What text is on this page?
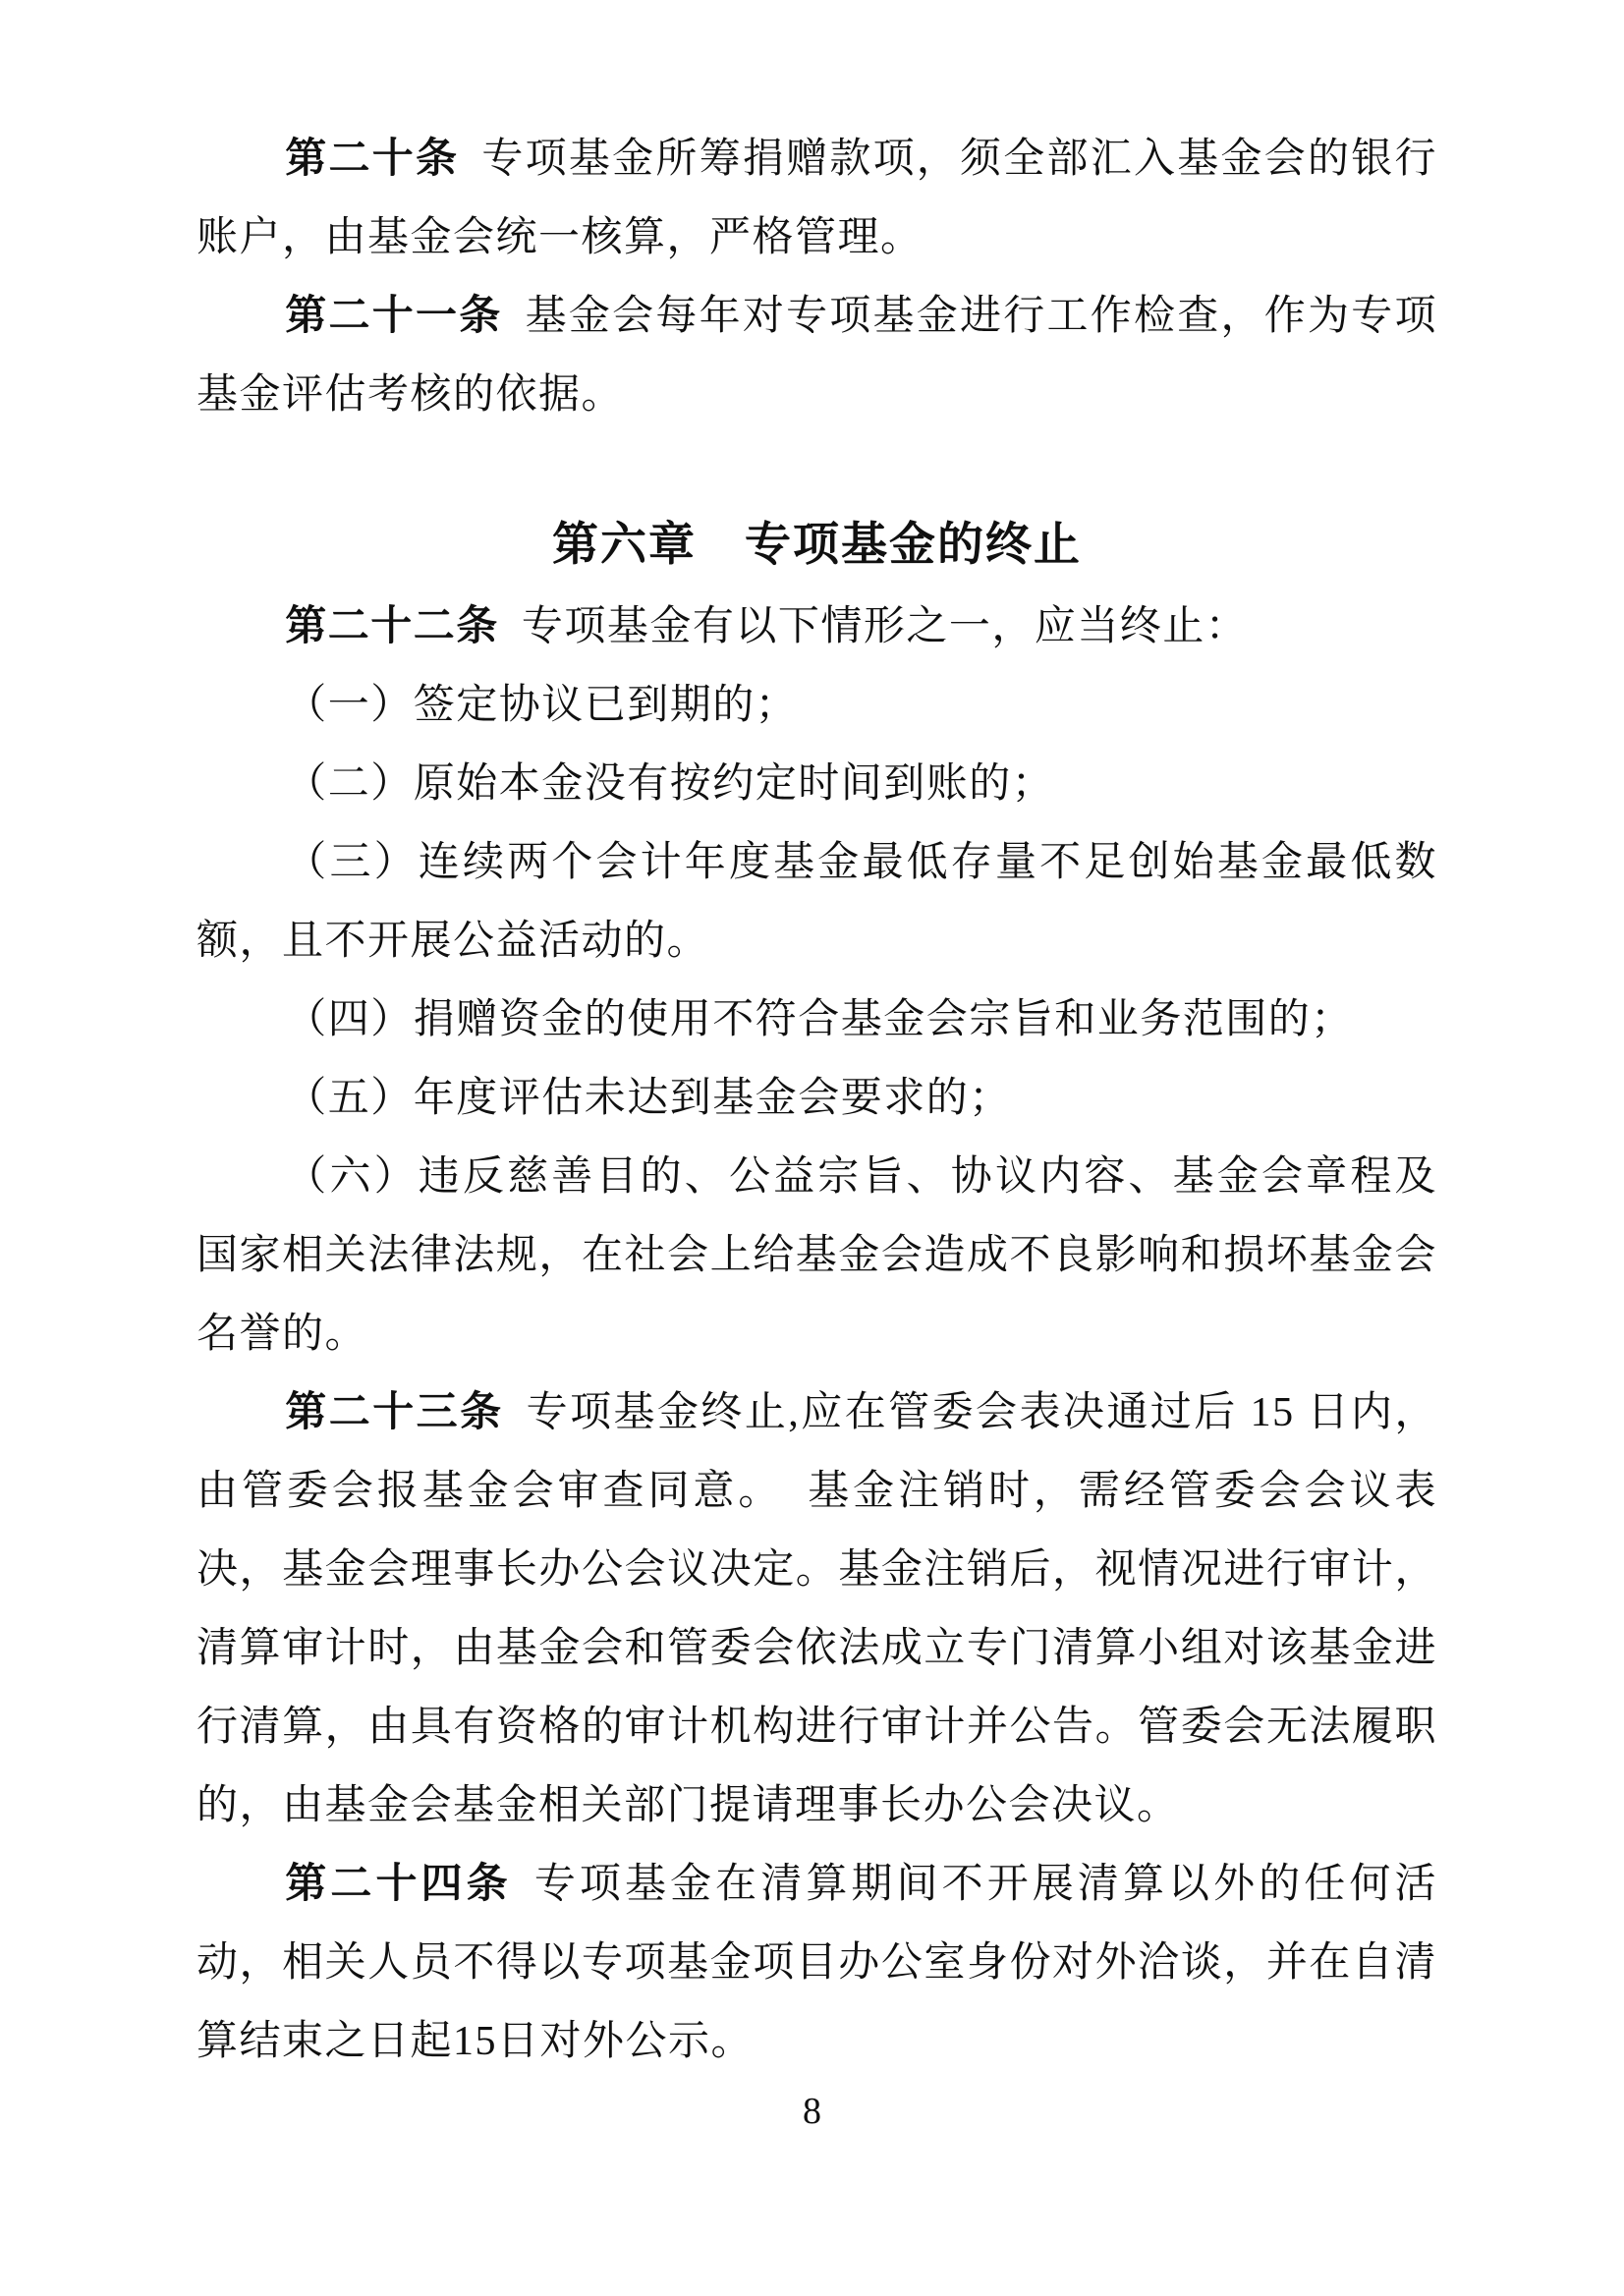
第二十条 专项基金所筹捐赠款项，须全部汇入基金会的银行账户，由基金会统一核算，严格管理。

第二十一条 基金会每年对专项基金进行工作检查，作为专项基金评估考核的依据。

第六章　专项基金的终止

第二十二条 专项基金有以下情形之一，应当终止：

（一）签定协议已到期的；

（二）原始本金没有按约定时间到账的；

（三）连续两个会计年度基金最低存量不足创始基金最低数额，且不开展公益活动的。

（四）捐赠资金的使用不符合基金会宗旨和业务范围的；

（五）年度评估未达到基金会要求的；

（六）违反慈善目的、公益宗旨、协议内容、基金会章程及国家相关法律法规，在社会上给基金会造成不良影响和损坏基金会名誉的。

第二十三条 专项基金终止,应在管委会表决通过后 15 日内，由管委会报基金会审查同意。　基金注销时，需经管委会会议表决，基金会理事长办公会议决定。基金注销后，视情况进行审计，清算审计时，由基金会和管委会依法成立专门清算小组对该基金进行清算，由具有资格的审计机构进行审计并公告。管委会无法履职的，由基金会基金相关部门提请理事长办公会决议。

第二十四条 专项基金在清算期间不开展清算以外的任何活动，相关人员不得以专项基金项目办公室身份对外洽谈，并在自清算结束之日起15日对外公示。

8
